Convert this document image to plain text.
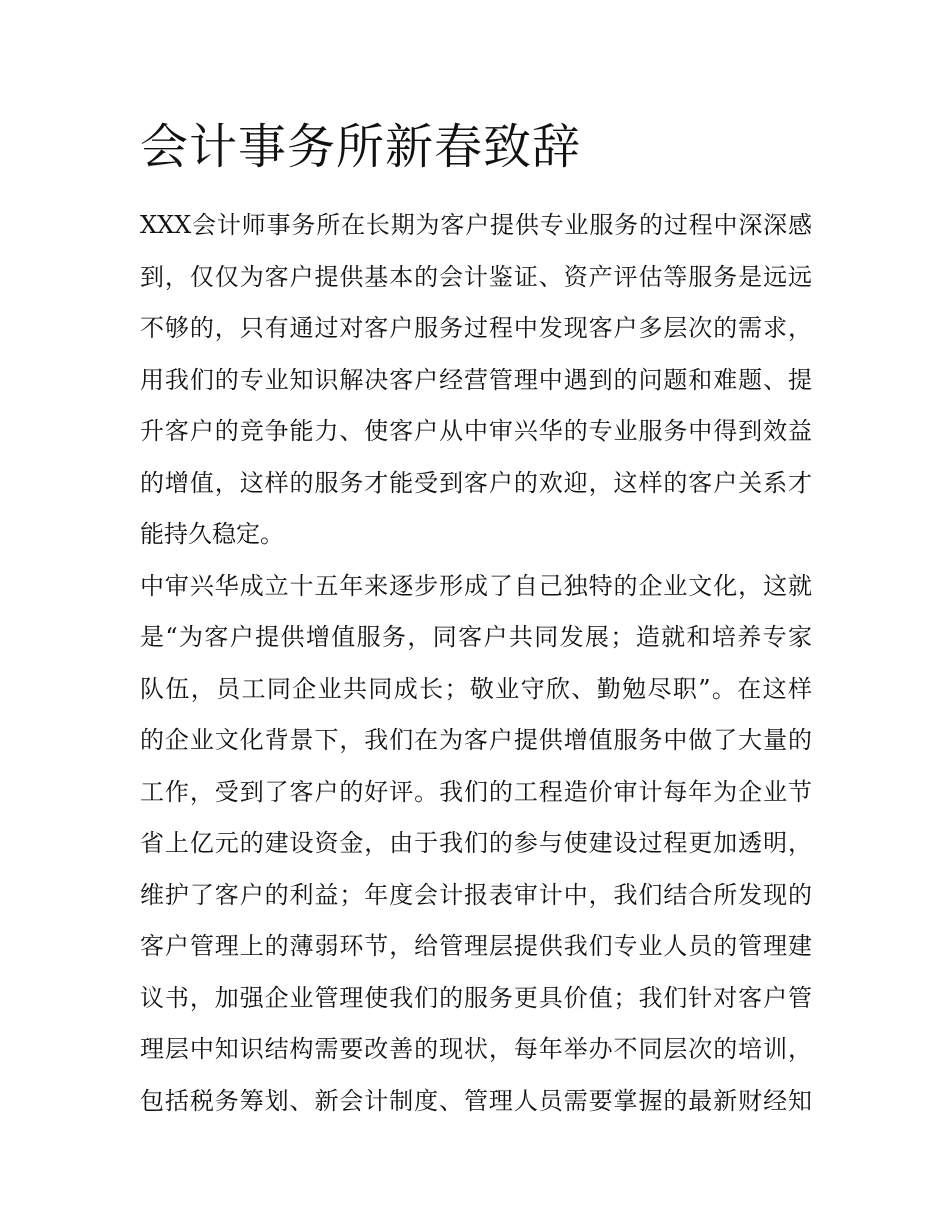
会计事务所新春致辞
XXX会计师事务所在长期为客户提供专业服务的过程中深深感
到，仅仅为客户提供基本的会计鉴证、资产评估等服务是远远
不够的，只有通过对客户服务过程中发现客户多层次的需求，
用我们的专业知识解决客户经营管理中遇到的问题和难题、提
升客户的竞争能力、使客户从中审兴华的专业服务中得到效益
的增值，这样的服务才能受到客户的欢迎，这样的客户关系才
能持久稳定。
中审兴华成立十五年来逐步形成了自己独特的企业文化，这就
是“为客户提供增值服务，同客户共同发展；造就和培养专家
队伍，员工同企业共同成长；敬业守欣、勤勉尽职”。在这样
的企业文化背景下，我们在为客户提供增值服务中做了大量的
工作，受到了客户的好评。我们的工程造价审计每年为企业节
省上亿元的建设资金，由于我们的参与使建设过程更加透明，
维护了客户的利益；年度会计报表审计中，我们结合所发现的
客户管理上的薄弱环节，给管理层提供我们专业人员的管理建
议书，加强企业管理使我们的服务更具价值；我们针对客户管
理层中知识结构需要改善的现状，每年举办不同层次的培训，
包括税务筹划、新会计制度、管理人员需要掌握的最新财经知
